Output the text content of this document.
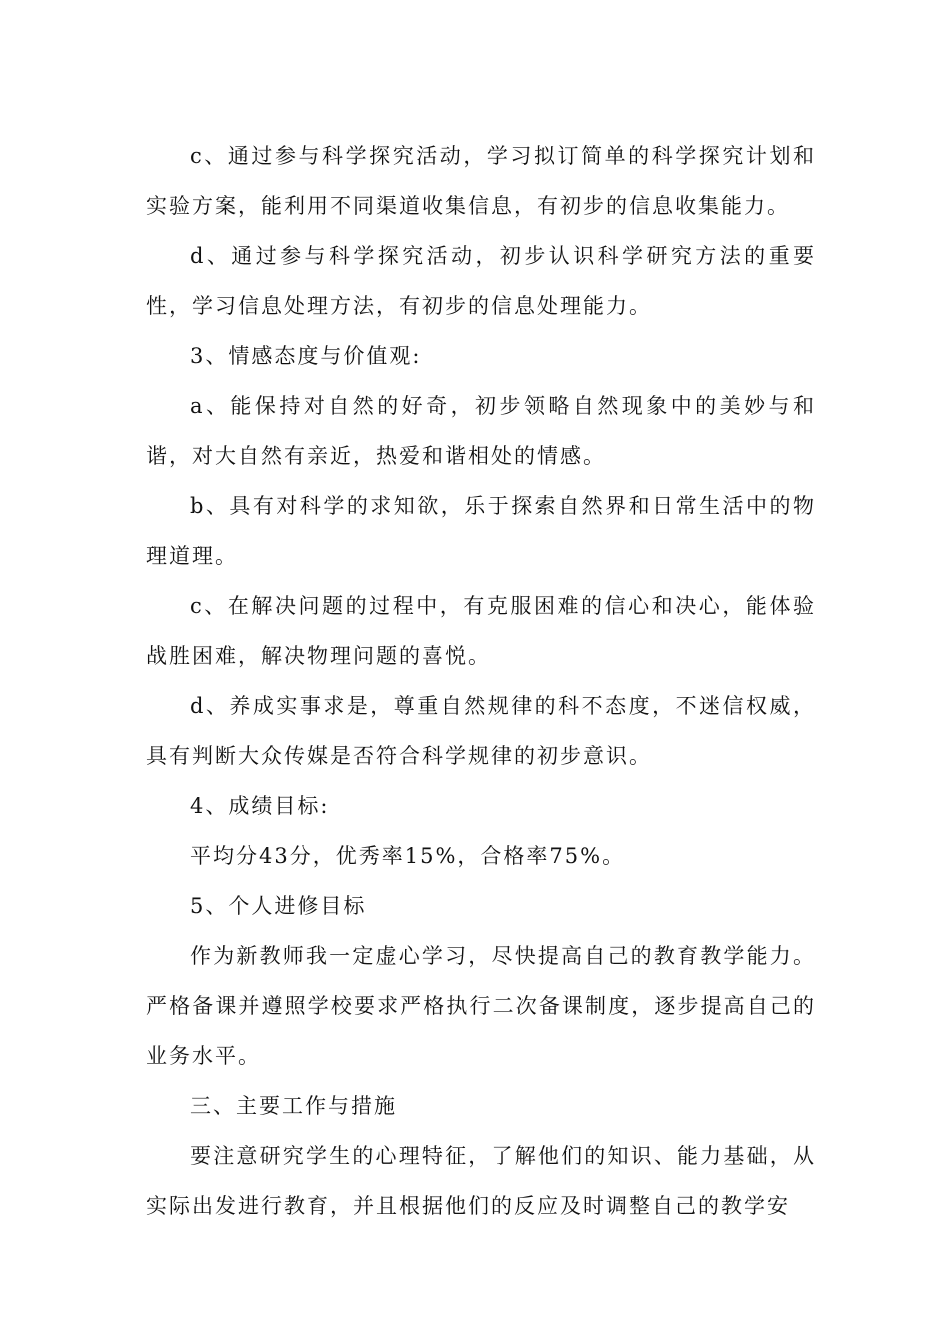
c、通过参与科学探究活动，学习拟订简单的科学探究计划和实验方案，能利用不同渠道收集信息，有初步的信息收集能力。

d、通过参与科学探究活动，初步认识科学研究方法的重要性，学习信息处理方法，有初步的信息处理能力。

3、情感态度与价值观:

a、能保持对自然的好奇，初步领略自然现象中的美妙与和谐，对大自然有亲近，热爱和谐相处的情感。

b、具有对科学的求知欲，乐于探索自然界和日常生活中的物理道理。

c、在解决问题的过程中，有克服困难的信心和决心，能体验战胜困难，解决物理问题的喜悦。

d、养成实事求是，尊重自然规律的科不态度，不迷信权威，具有判断大众传媒是否符合科学规律的初步意识。

4、成绩目标:

平均分43分，优秀率15%，合格率75%。

5、个人进修目标

作为新教师我一定虚心学习，尽快提高自己的教育教学能力。严格备课并遵照学校要求严格执行二次备课制度，逐步提高自己的业务水平。

三、主要工作与措施

要注意研究学生的心理特征，了解他们的知识、能力基础，从实际出发进行教育，并且根据他们的反应及时调整自己的教学安
